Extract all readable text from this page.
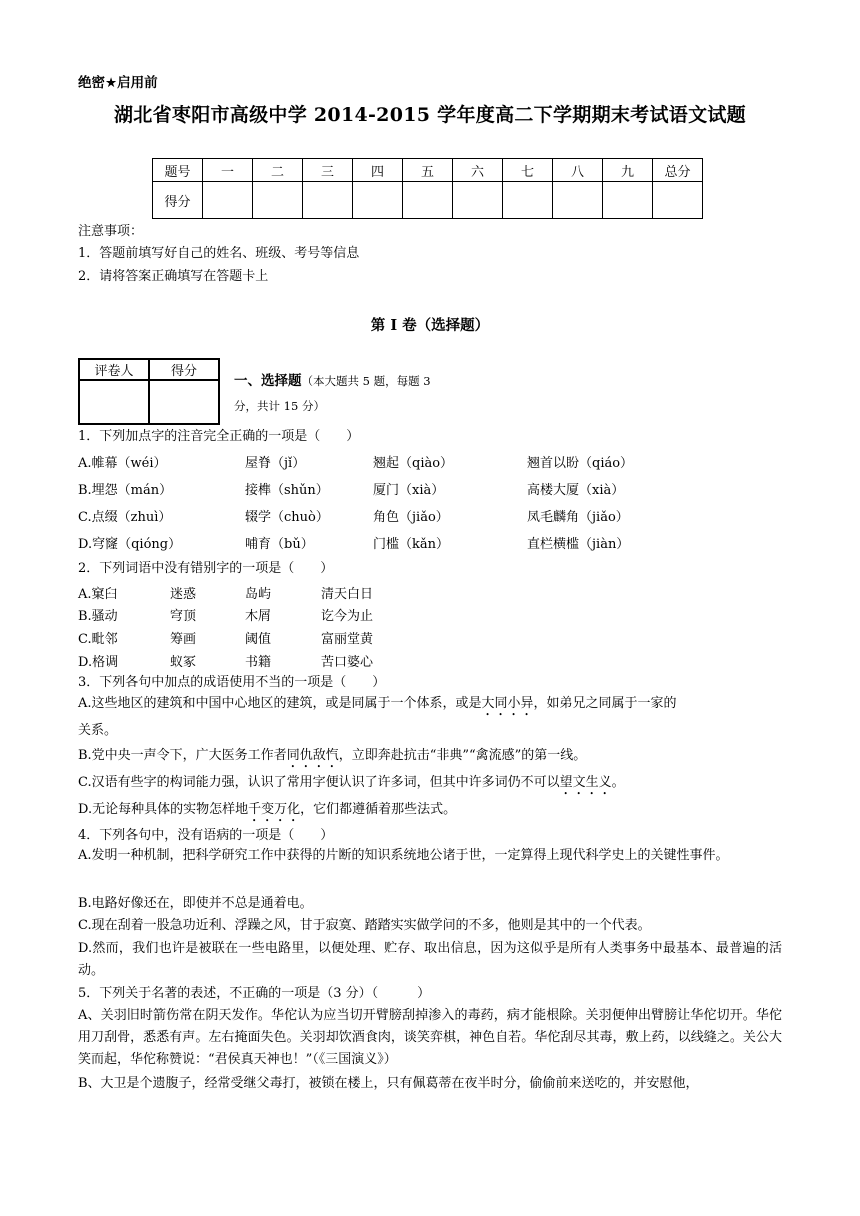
绝密★启用前
湖北省枣阳市高级中学 2014-2015 学年度高二下学期期末考试语文试题
题号	一	二	三	四	五	六	七	八	九	总分
得分										
注意事项：
1．答题前填写好自己的姓名、班级、考号等信息
2．请将答案正确填写在答题卡上
第 I 卷（选择题）
评卷人	得分

一、选择题（本大题共 5 题，每题 3
分，共计 15 分）
1．下列加点字的注音完全正确的一项是（　　）
A.帷幕（wéi）	屋脊（jǐ）	翘起（qiào）	翘首以盼（qiáo）
B.埋怨（mán）	接榫（shǔn）	厦门（xià）	高楼大厦（xià）
C.点缀（zhuì）	辍学（chuò）	角色（jiǎo）	凤毛麟角（jiǎo）
D.穹窿（qióng）	哺育（bǔ）	门槛（kǎn）	直栏横槛（jiàn）
2．下列词语中没有错别字的一项是（　　）
A.窠臼	迷惑	岛屿	清天白日
B.骚动	穹顶	木屑	讫今为止
C.毗邻	筹画	阈值	富丽堂黄
D.格调	蚁冢	书籍	苦口婆心
3．下列各句中加点的成语使用不当的一项是（　　）
A.这些地区的建筑和中国中心地区的建筑，或是同属于一个体系，或是大同小异，如弟兄之同属于一家的
关系。
B.党中央一声令下，广大医务工作者同仇敌忾，立即奔赴抗击“非典”“禽流感”的第一线。
C.汉语有些字的构词能力强，认识了常用字便认识了许多词，但其中许多词仍不可以望文生义。
D.无论每种具体的实物怎样地千变万化，它们都遵循着那些法式。
4．下列各句中，没有语病的一项是（　　）
A.发明一种机制，把科学研究工作中获得的片断的知识系统地公诸于世，一定算得上现代科学史上的关键性事件。
B.电路好像还在，即使并不总是通着电。
C.现在刮着一股急功近利、浮躁之风，甘于寂寞、踏踏实实做学问的不多，他则是其中的一个代表。
D.然而，我们也许是被联在一些电路里，以便处理、贮存、取出信息，因为这似乎是所有人类事务中最基本、最普遍的活动。
5．下列关于名著的表述，不正确的一项是（3 分）（　　　）
A、关羽旧时箭伤常在阴天发作。华佗认为应当切开臂膀刮掉渗入的毒药，病才能根除。关羽便伸出臂膀让华佗切开。华佗用刀刮骨，悉悉有声。左右掩面失色。关羽却饮酒食肉，谈笑弈棋，神色自若。华佗刮尽其毒，敷上药，以线缝之。关公大笑而起，华佗称赞说：“君侯真天神也！”（《三国演义》）
B、大卫是个遗腹子，经常受继父毒打，被锁在楼上，只有佩葛蒂在夜半时分，偷偷前来送吃的，并安慰他，
